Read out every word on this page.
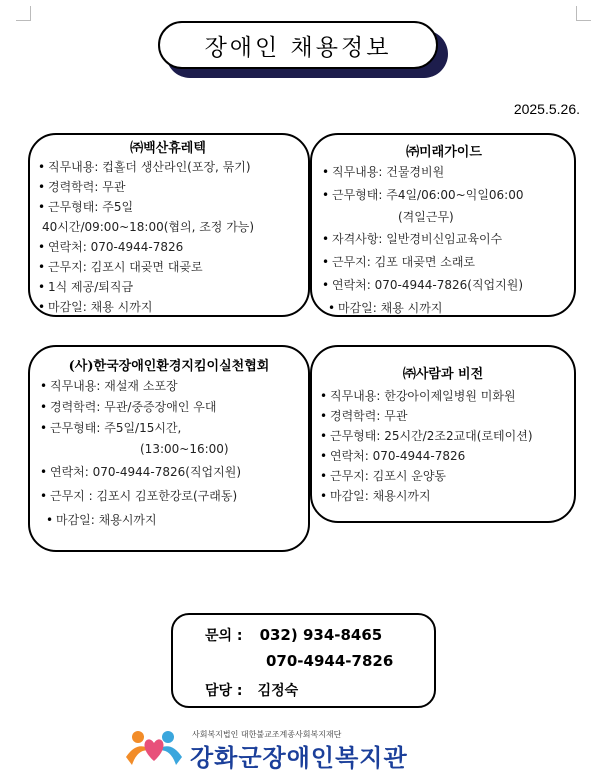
장애인 채용정보
2025.5.26.
㈜백산휴레텍
• 직무내용: 컵홀더 생산라인(포장, 묶기)
• 경력학력: 무관
• 근무형태: 주5일
40시간/09:00~18:00(협의, 조정 가능)
• 연락처: 070-4944-7826
• 근무지: 김포시 대곶면 대곶로
• 1식 제공/퇴직금
• 마감일: 채용 시까지
㈜미래가이드
• 직무내용: 건물경비원
• 근무형태: 주4일/06:00~익일06:00
(격일근무)
• 자격사항: 일반경비신임교육이수
• 근무지: 김포 대곶면 소래로
• 연락처: 070-4944-7826(직업지원)
• 마감일: 채용 시까지
(사)한국장애인환경지킴이실천협회
• 직무내용: 재설재 소포장
• 경력학력: 무관/중증장애인 우대
• 근무형태: 주5일/15시간,
(13:00~16:00)
• 연락처: 070-4944-7826(직업지원)
• 근무지 : 김포시 김포한강로(구래동)
• 마감일: 채용시까지
㈜사람과 비전
• 직무내용: 한강아이제일병원 미화원
• 경력학력: 무관
• 근무형태: 25시간/2조2교대(로테이션)
• 연락처: 070-4944-7826
• 근무지: 김포시 운양동
• 마감일: 채용시까지
문의 : 032) 934-8465
070-4944-7826
담당 : 김정숙
사회복지법인 대한불교조계종사회복지재단
강화군장애인복지관
